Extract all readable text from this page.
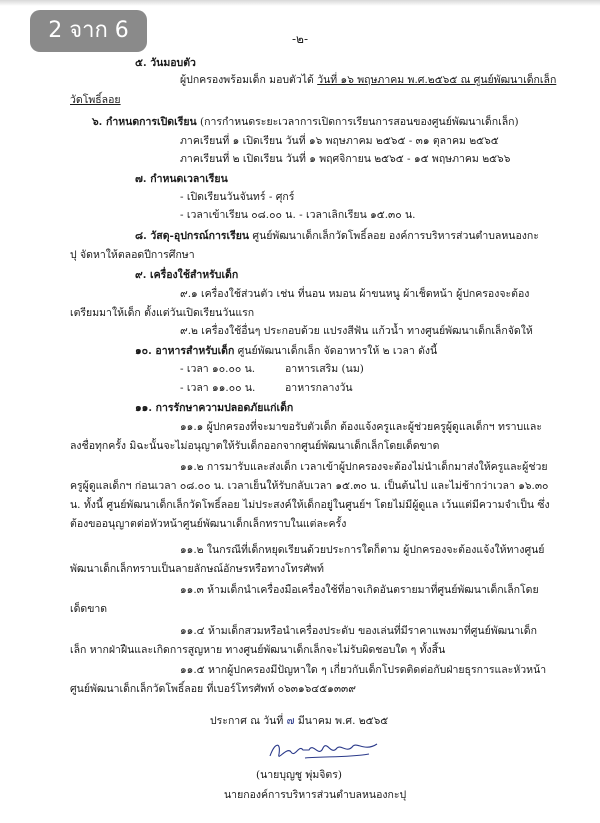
2 จาก 6	-๒-
๕. วันมอบตัว
ผู้ปกครองพร้อมเด็ก มอบตัวได้ วันที่ ๑๖ พฤษภาคม พ.ศ.๒๕๖๕ ณ ศูนย์พัฒนาเด็กเล็ก
วัดโพธิ์ลอย
๖. กำหนดการเปิดเรียน (การกำหนดระยะเวลาการเปิดการเรียนการสอนของศูนย์พัฒนาเด็กเล็ก)
ภาคเรียนที่ ๑ เปิดเรียน วันที่ ๑๖ พฤษภาคม ๒๕๖๕ - ๓๑ ตุลาคม ๒๕๖๕
ภาคเรียนที่ ๒ เปิดเรียน วันที่ ๑ พฤศจิกายน ๒๕๖๕ - ๑๕ พฤษภาคม ๒๕๖๖
๗. กำหนดเวลาเรียน
- เปิดเรียนวันจันทร์ - ศุกร์
- เวลาเข้าเรียน ๐๘.๐๐ น. - เวลาเลิกเรียน ๑๕.๓๐ น.
๘. วัสดุ-อุปกรณ์การเรียน ศูนย์พัฒนาเด็กเล็กวัดโพธิ์ลอย องค์การบริหารส่วนตำบลหนองกะ
ปุ จัดหาให้ตลอดปีการศึกษา
๙. เครื่องใช้สำหรับเด็ก
๙.๑ เครื่องใช้ส่วนตัว เช่น ที่นอน หมอน ผ้าขนหนู ผ้าเช็ดหน้า ผู้ปกครองจะต้อง
เตรียมมาให้เด็ก ตั้งแต่วันเปิดเรียนวันแรก
๙.๒ เครื่องใช้อื่นๆ ประกอบด้วย แปรงสีฟัน แก้วน้ำ ทางศูนย์พัฒนาเด็กเล็กจัดให้
๑๐. อาหารสำหรับเด็ก ศูนย์พัฒนาเด็กเล็ก จัดอาหารให้ ๒ เวลา ดังนี้
- เวลา ๑๐.๐๐ น.	อาหารเสริม (นม)
- เวลา ๑๑.๐๐ น.	อาหารกลางวัน
๑๑. การรักษาความปลอดภัยแก่เด็ก
๑๑.๑ ผู้ปกครองที่จะมาขอรับตัวเด็ก ต้องแจ้งครูและผู้ช่วยครูผู้ดูแลเด็กฯ ทราบและ
ลงชื่อทุกครั้ง มิฉะนั้นจะไม่อนุญาตให้รับเด็กออกจากศูนย์พัฒนาเด็กเล็กโดยเด็ดขาด
๑๑.๒ การมารับและส่งเด็ก เวลาเข้าผู้ปกครองจะต้องไม่นำเด็กมาส่งให้ครูและผู้ช่วย
ครูผู้ดูแลเด็กฯ ก่อนเวลา ๐๘.๐๐ น. เวลาเย็นให้รับกลับเวลา ๑๕.๓๐ น. เป็นต้นไป และไม่ช้ากว่าเวลา ๑๖.๓๐
น. ทั้งนี้ ศูนย์พัฒนาเด็กเล็กวัดโพธิ์ลอย ไม่ประสงค์ให้เด็กอยู่ในศูนย์ฯ โดยไม่มีผู้ดูแล เว้นแต่มีความจำเป็น ซึ่ง
ต้องขออนุญาตต่อหัวหน้าศูนย์พัฒนาเด็กเล็กทราบในแต่ละครั้ง
๑๑.๒ ในกรณีที่เด็กหยุดเรียนด้วยประการใดก็ตาม ผู้ปกครองจะต้องแจ้งให้ทางศูนย์
พัฒนาเด็กเล็กทราบเป็นลายลักษณ์อักษรหรือทางโทรศัพท์
๑๑.๓ ห้ามเด็กนำเครื่องมือเครื่องใช้ที่อาจเกิดอันตรายมาที่ศูนย์พัฒนาเด็กเล็กโดย
เด็ดขาด
๑๑.๔ ห้ามเด็กสวมหรือนำเครื่องประดับ ของเล่นที่มีราคาแพงมาที่ศูนย์พัฒนาเด็ก
เล็ก หากฝ่าฝืนและเกิดการสูญหาย ทางศูนย์พัฒนาเด็กเล็กจะไม่รับผิดชอบใด ๆ ทั้งสิ้น
๑๑.๕ หากผู้ปกครองมีปัญหาใด ๆ เกี่ยวกับเด็กโปรดติดต่อกับฝ่ายธุรการและหัวหน้า
ศูนย์พัฒนาเด็กเล็กวัดโพธิ์ลอย ที่เบอร์โทรศัพท์ ๐๖๓๑๖๔๕๑๓๓๙
ประกาศ ณ วันที่ ๗ มีนาคม พ.ศ. ๒๕๖๕
(นายบุญชู พุ่มจิตร)
นายกองค์การบริหารส่วนตำบลหนองกะปุ
